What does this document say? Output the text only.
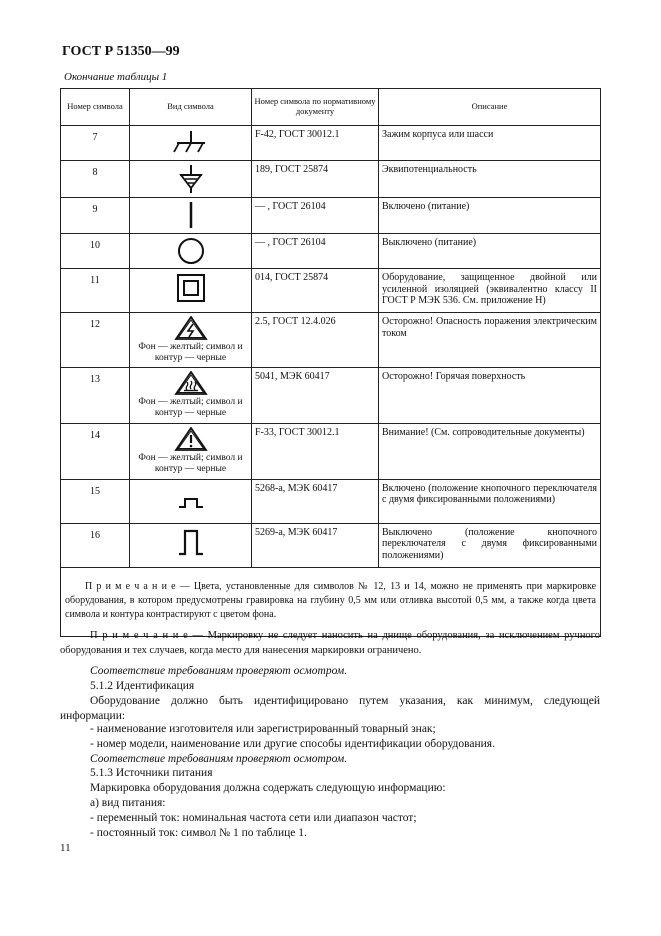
ГОСТ Р 51350—99
Окончание таблицы 1
Номер символа	Вид символа	Номер символа по нормативному документу	Описание
7		F-42, ГОСТ 30012.1	Зажим корпуса или шасси
8		189, ГОСТ 25874	Эквипотенциальность
9		— , ГОСТ 26104	Включено (питание)
10		— , ГОСТ 26104	Выключено (питание)
11		014, ГОСТ 25874	Оборудование, защищенное двойной или усиленной изоляцией (эквивалентно классу II ГОСТ Р МЭК 536. См. приложение Н)
12	Фон — желтый; символ и контур — черные	2.5, ГОСТ 12.4.026	Осторожно! Опасность поражения электрическим током
13	Фон — желтый; символ и контур — черные	5041, МЭК 60417	Осторожно! Горячая поверхность
14	Фон — желтый; символ и контур — черные	F-33, ГОСТ 30012.1	Внимание! (См. сопроводительные документы)
15		5268-а, МЭК 60417	Включено (положение кнопочного переключателя с двумя фиксированными положениями)
16		5269-а, МЭК 60417	Выключено (положение кнопочного переключателя с двумя фиксированными положениями)
П р и м е ч а н и е — Цвета, установленные для символов № 12, 13 и 14, можно не применять при маркировке оборудования, в котором предусмотрены гравировка на глубину 0,5 мм или отливка высотой 0,5 мм, а также когда цвета символа и контура контрастируют с цветом фона.			
П р и м е ч а н и е — Маркировку не следует наносить на днище оборудования, за исключением ручного оборудования и тех случаев, когда место для нанесения маркировки ограничено.
Соответствие требованиям проверяют осмотром.
5.1.2 Идентификация
Оборудование должно быть идентифицировано путем указания, как минимум, следующей информации:
- наименование изготовителя или зарегистрированный товарный знак;
- номер модели, наименование или другие способы идентификации оборудования.
Соответствие требованиям проверяют осмотром.
5.1.3 Источники питания
Маркировка оборудования должна содержать следующую информацию:
а) вид питания:
- переменный ток: номинальная частота сети или диапазон частот;
- постоянный ток: символ № 1 по таблице 1.
11
